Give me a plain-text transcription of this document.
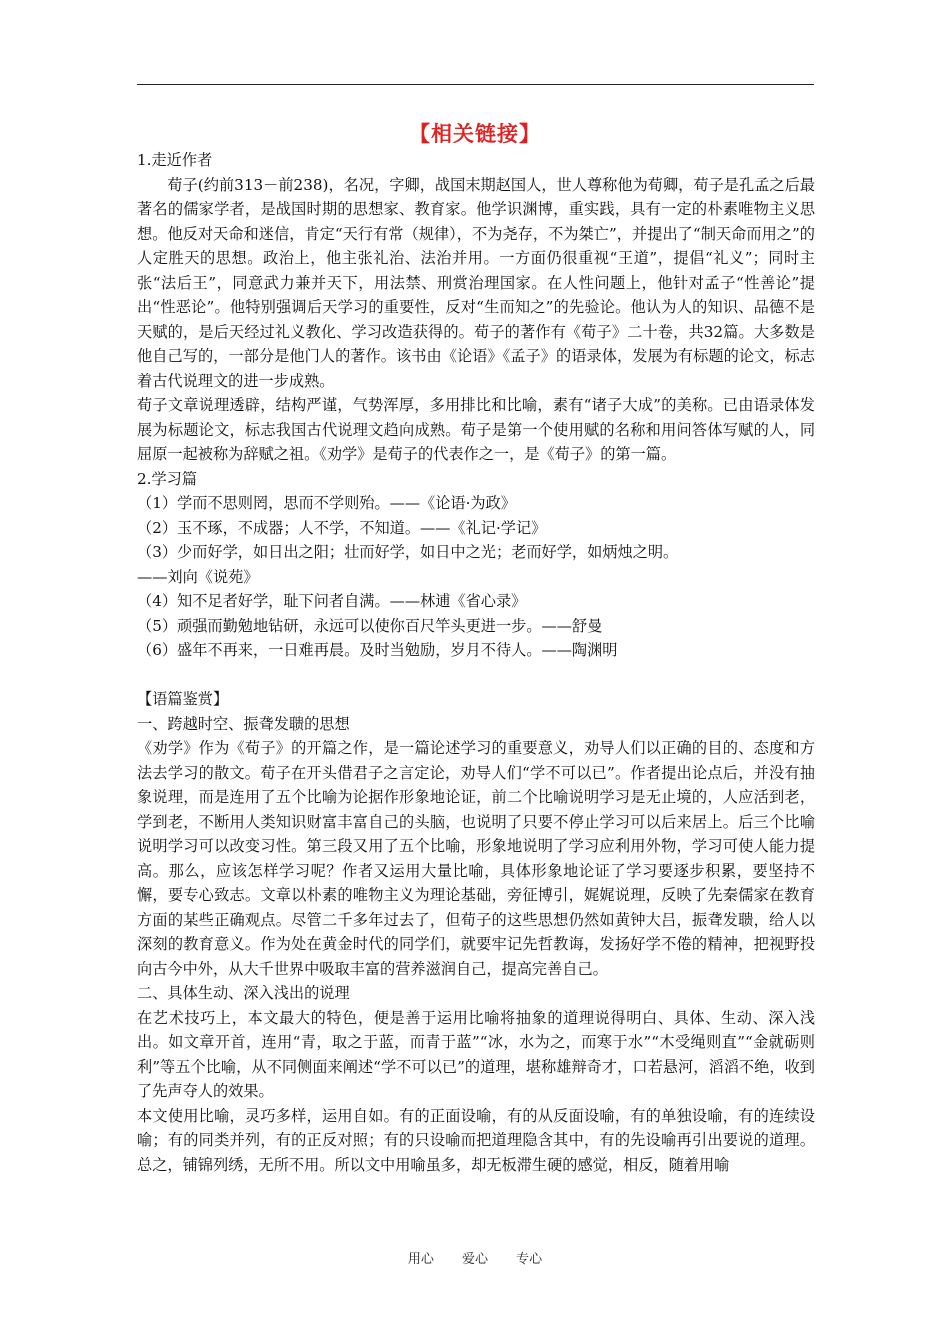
【相关链接】

1.走近作者

荀子(约前313－前238)，名况，字卿，战国末期赵国人，世人尊称他为荀卿，荀子是孔孟之后最著名的儒家学者，是战国时期的思想家、教育家。他学识渊博，重实践，具有一定的朴素唯物主义思想。他反对天命和迷信，肯定“天行有常（规律），不为尧存，不为桀亡”，并提出了“制天命而用之”的人定胜天的思想。政治上，他主张礼治、法治并用。一方面仍很重视“王道”，提倡“礼义”；同时主张“法后王”，同意武力兼并天下，用法禁、刑赏治理国家。在人性问题上，他针对孟子“性善论”提出“性恶论”。他特别强调后天学习的重要性，反对“生而知之”的先验论。他认为人的知识、品德不是天赋的，是后天经过礼义教化、学习改造获得的。荀子的著作有《荀子》二十卷，共32篇。大多数是他自己写的，一部分是他门人的著作。该书由《论语》《孟子》的语录体，发展为有标题的论文，标志着古代说理文的进一步成熟。

荀子文章说理透辟，结构严谨，气势浑厚，多用排比和比喻，素有“诸子大成”的美称。已由语录体发展为标题论文，标志我国古代说理文趋向成熟。荀子是第一个使用赋的名称和用问答体写赋的人，同屈原一起被称为辞赋之祖。《劝学》是荀子的代表作之一，是《荀子》的第一篇。

2.学习篇

（1）学而不思则罔，思而不学则殆。——《论语·为政》

（2）玉不琢，不成器；人不学，不知道。——《礼记·学记》

（3）少而好学，如日出之阳；壮而好学，如日中之光；老而好学，如炳烛之明。

——刘向《说苑》

（4）知不足者好学，耻下问者自满。——林逋《省心录》

（5）顽强而勤勉地钻研，永远可以使你百尺竿头更进一步。——舒曼

（6）盛年不再来，一日难再晨。及时当勉励，岁月不待人。——陶渊明

【语篇鉴赏】

一、跨越时空、振聋发聩的思想

《劝学》作为《荀子》的开篇之作，是一篇论述学习的重要意义，劝导人们以正确的目的、态度和方法去学习的散文。荀子在开头借君子之言定论，劝导人们“学不可以已”。作者提出论点后，并没有抽象说理，而是连用了五个比喻为论据作形象地论证，前二个比喻说明学习是无止境的，人应活到老，学到老，不断用人类知识财富丰富自己的头脑，也说明了只要不停止学习可以后来居上。后三个比喻说明学习可以改变习性。第三段又用了五个比喻，形象地说明了学习应利用外物，学习可使人能力提高。那么，应该怎样学习呢？作者又运用大量比喻，具体形象地论证了学习要逐步积累，要坚持不懈，要专心致志。文章以朴素的唯物主义为理论基础，旁征博引，娓娓说理，反映了先秦儒家在教育方面的某些正确观点。尽管二千多年过去了，但荀子的这些思想仍然如黄钟大吕，振聋发聩，给人以深刻的教育意义。作为处在黄金时代的同学们，就要牢记先哲教诲，发扬好学不倦的精神，把视野投向古今中外，从大千世界中吸取丰富的营养滋润自己，提高完善自己。

二、具体生动、深入浅出的说理

在艺术技巧上，本文最大的特色，便是善于运用比喻将抽象的道理说得明白、具体、生动、深入浅出。如文章开首，连用“青，取之于蓝，而青于蓝”“冰，水为之，而寒于水”“木受绳则直”“金就砺则利”等五个比喻，从不同侧面来阐述“学不可以已”的道理，堪称雄辩奇才，口若悬河，滔滔不绝，收到了先声夺人的效果。

本文使用比喻，灵巧多样，运用自如。有的正面设喻，有的从反面设喻，有的单独设喻，有的连续设喻；有的同类并列，有的正反对照；有的只设喻而把道理隐含其中，有的先设喻再引出要说的道理。总之，铺锦列绣，无所不用。所以文中用喻虽多，却无板滞生硬的感觉，相反，随着用喻

用心 爱心 专心
